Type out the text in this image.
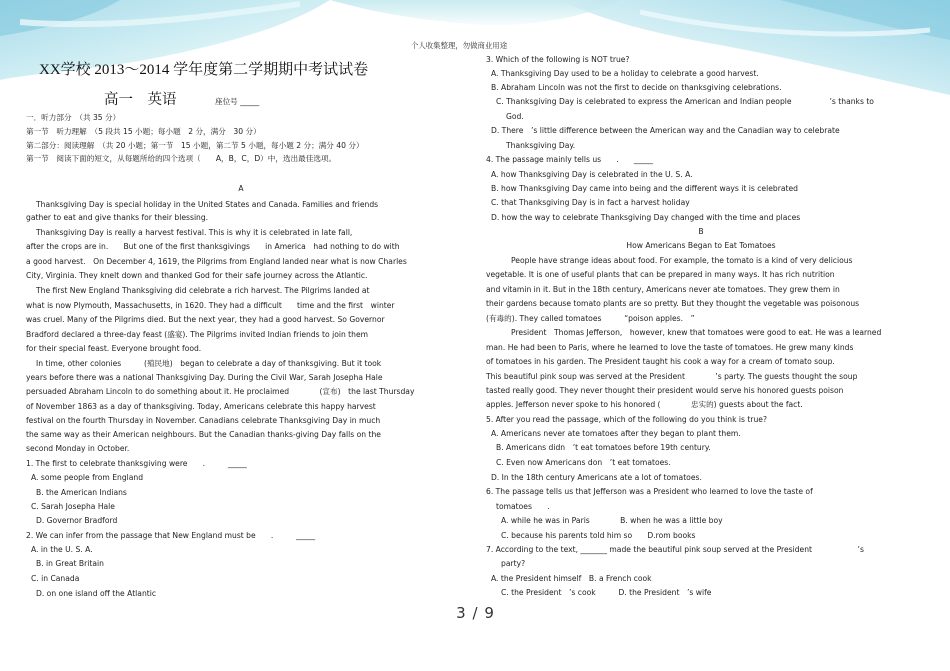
个人收集整理，勿做商业用途
XX学校 2013～2014 学年度第二学期期中考试试卷
高一　英语	座位号 _____
一．听力部分　（共 35 分）
第一节　听力理解　（5 段共 15 小题；每小题　2 分，满分　30 分）
第二部分：阅读理解　（共 20 小题；第一节　15 小题，第二节 5 小题，每小题 2 分；满分 40 分）
第一节　阅读下面的短文，从每题所给的四个选项（　　A，B，C，D）中，选出最佳选项。
A
Thanksgiving Day is special holiday in the United States and Canada. Families and friends
gather to eat and give thanks for their blessing.
Thanksgiving Day is really a harvest festival. This is why it is celebrated in late fall,
after the crops are in.　　But one of the first thanksgivings　　in America　had nothing to do with
a good harvest.　On December 4, 1619, the Pilgrims from England landed near what is now Charles
City, Virginia. They knelt down and thanked God for their safe journey across the Atlantic.
The first New England Thanksgiving did celebrate a rich harvest. The Pilgrims landed at
what is now Plymouth, Massachusetts, in 1620. They had a difficult　　time and the first　winter
was cruel. Many of the Pilgrims died. But the next year, they had a good harvest. So Governor
Bradford declared a three-day feast (盛宴). The Pilgrims invited Indian friends to join them
for their special feast. Everyone brought food.
In time, other colonies　　　(殖民地)　began to celebrate a day of thanksgiving. But it took
years before there was a national Thanksgiving Day. During the Civil War, Sarah Josepha Hale
persuaded Abraham Lincoln to do something about it. He proclaimed　　　　(宣布)　the last Thursday
of November 1863 as a day of thanksgiving. Today, Americans celebrate this happy harvest
festival on the fourth Thursday in November. Canadians celebrate Thanksgiving Day in much
the same way as their American neighbours. But the Canadian thanks-giving Day falls on the
second Monday in October.
1. The first to celebrate thanksgiving were　　.　　　_____
A. some people from England
B. the American Indians
C. Sarah Josepha Hale
D. Governor Bradford
2. We can infer from the passage that New England must be　　.　　　_____
A. in the U. S. A.
B. in Great Britain
C. in Canada
D. on one island off the Atlantic
3. Which of the following is NOT true?
A. Thanksgiving Day used to be a holiday to celebrate a good harvest.
B. Abraham Lincoln was not the first to decide on thanksgiving celebrations.
C. Thanksgiving Day is celebrated to express the American and Indian people　　　　　’s thanks to
God.
D. There　’s little difference between the American way and the Canadian way to celebrate
Thanksgiving Day.
4. The passage mainly tells us　　.　　_____
A. how Thanksgiving Day is celebrated in the U. S. A.
B. how Thanksgiving Day came into being and the different ways it is celebrated
C. that Thanksgiving Day is in fact a harvest holiday
D. how the way to celebrate Thanksgiving Day changed with the time and places
B
How Americans Began to Eat Tomatoes
People have strange ideas about food. For example, the tomato is a kind of very delicious
vegetable. It is one of useful plants that can be prepared in many ways. It has rich nutrition
and vitamin in it. But in the 18th century, Americans never ate tomatoes. They grew them in
their gardens because tomato plants are so pretty. But they thought the vegetable was poisonous
(有毒的). They called tomatoes　　　“poison apples.　”
President　Thomas Jefferson,　however, knew that tomatoes were good to eat. He was a learned
man. He had been to Paris, where he learned to love the taste of tomatoes. He grew many kinds
of tomatoes in his garden. The President taught his cook a way for a cream of tomato soup.
This beautiful pink soup was served at the President　　　　’s party. The guests thought the soup
tasted really good. They never thought their president would serve his honored guests poison
apples. Jefferson never spoke to his honored (　　　　忠实的) guests about the fact.
5. After you read the passage, which of the following do you think is true?
A. Americans never ate tomatoes after they began to plant them.
B. Americans didn　’t eat tomatoes before 19th century.
C. Even now Americans don　’t eat tomatoes.
D. In the 18th century Americans ate a lot of tomatoes.
6. The passage tells us that Jefferson was a President who learned to love the taste of
tomatoes　　.
A. while he was in Paris　　　　B. when he was a little boy
C. because his parents told him so　　D.rom books
7. According to the text, _______ made the beautiful pink soup served at the President　　　　　　’s
party?
A. the President himself　B. a French cook
C. the President　’s cook　　　D. the President　’s wife
3 / 9
